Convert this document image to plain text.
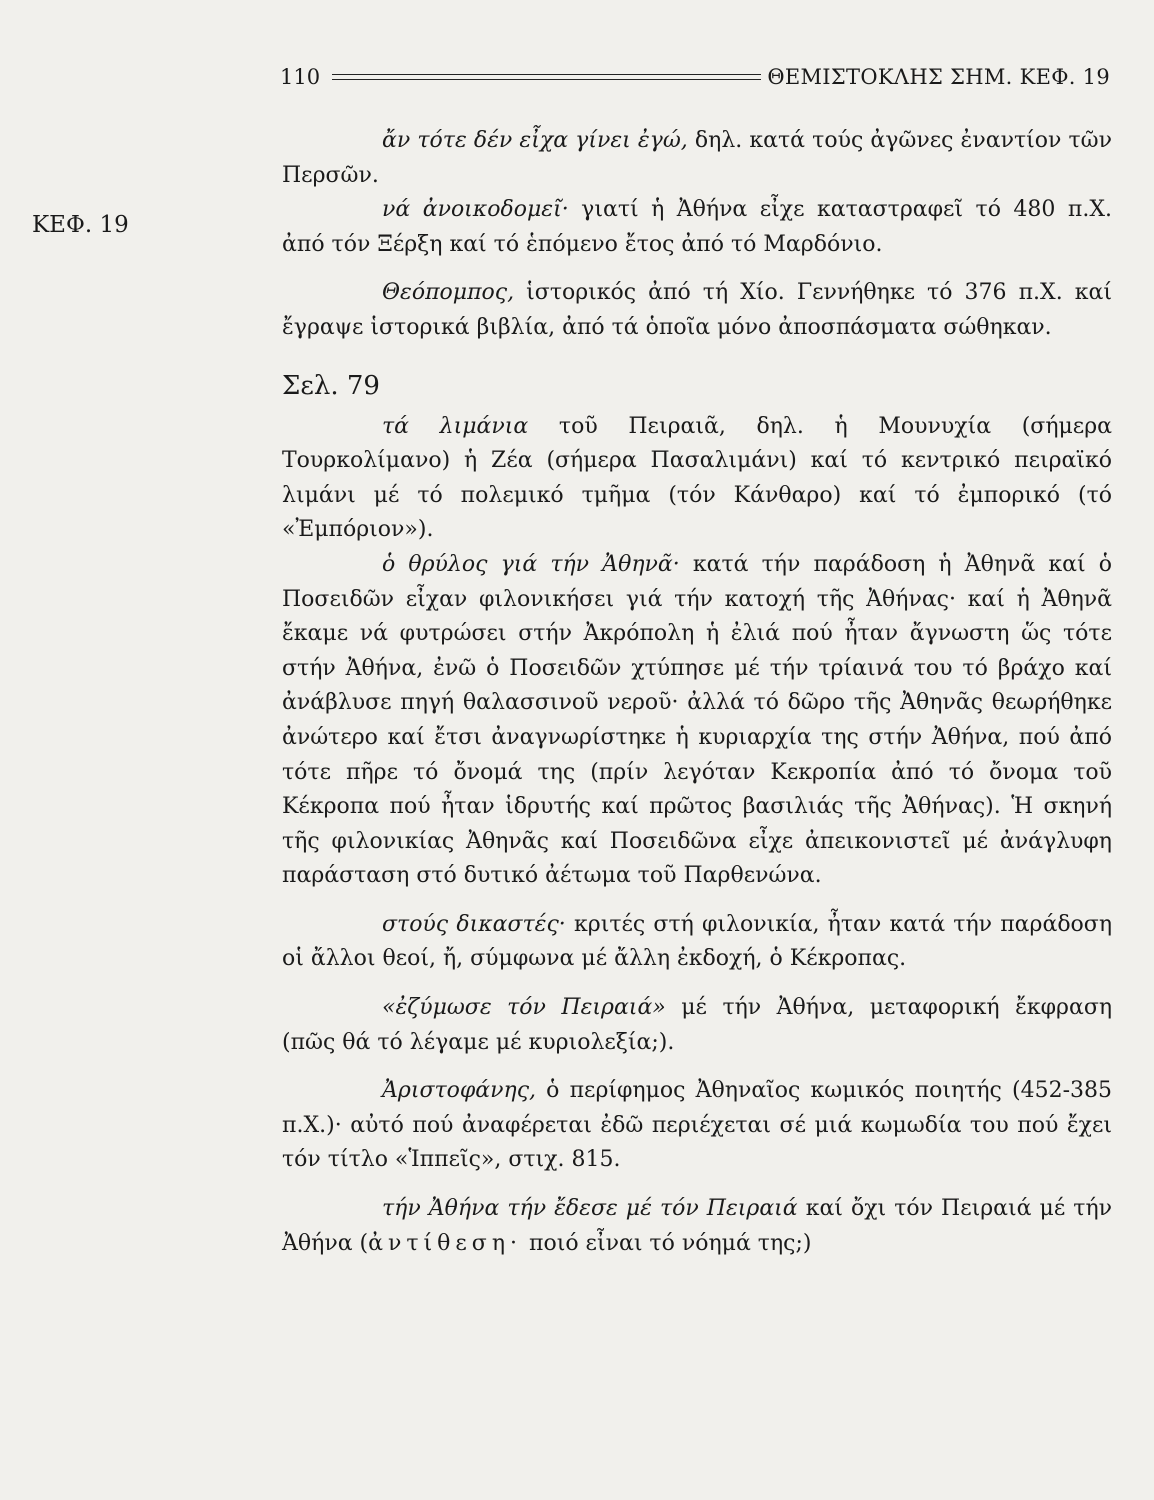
110	ΘΕΜΙΣΤΟΚΛΗΣ ΣΗΜ. ΚΕΦ. 19
ΚΕΦ. 19

ἄν τότε δέν εἶχα γίνει ἐγώ, δηλ. κατά τούς ἀγῶνες ἐναντίον τῶν Περσῶν.

νά ἀνοικοδομεῖ· γιατί ἡ Ἀθήνα εἶχε καταστραφεῖ τό 480 π.Χ. ἀπό τόν Ξέρξη καί τό ἑπόμενο ἔτος ἀπό τό Μαρδόνιο.

Θεόπομπος, ἱστορικός ἀπό τή Χίο. Γεννήθηκε τό 376 π.Χ. καί ἔγραψε ἱστορικά βιβλία, ἀπό τά ὁποῖα μόνο ἀποσπάσματα σώθηκαν.

Σελ. 79

τά λιμάνια τοῦ Πειραιᾶ, δηλ. ἡ Μουνυχία (σήμερα Τουρκολίμανο) ἡ Ζέα (σήμερα Πασαλιμάνι) καί τό κεντρικό πειραϊκό λιμάνι μέ τό πολεμικό τμῆμα (τόν Κάνθαρο) καί τό ἐμπορικό (τό «Ἐμπόριον»).

ὁ θρύλος γιά τήν Ἀθηνᾶ· κατά τήν παράδοση ἡ Ἀθηνᾶ καί ὁ Ποσειδῶν εἶχαν φιλονικήσει γιά τήν κατοχή τῆς Ἀθήνας· καί ἡ Ἀθηνᾶ ἔκαμε νά φυτρώσει στήν Ἀκρόπολη ἡ ἐλιά πού ἦταν ἄγνωστη ὥς τότε στήν Ἀθήνα, ἐνῶ ὁ Ποσειδῶν χτύπησε μέ τήν τρίαινά του τό βράχο καί ἀνάβλυσε πηγή θαλασσινοῦ νεροῦ· ἀλλά τό δῶρο τῆς Ἀθηνᾶς θεωρήθηκε ἀνώτερο καί ἔτσι ἀναγνωρίστηκε ἡ κυριαρχία της στήν Ἀθήνα, πού ἀπό τότε πῆρε τό ὄνομά της (πρίν λεγόταν Κεκροπία ἀπό τό ὄνομα τοῦ Κέκροπα πού ἦταν ἱδρυτής καί πρῶτος βασιλιάς τῆς Ἀθήνας). Ἡ σκηνή τῆς φιλονικίας Ἀθηνᾶς καί Ποσειδῶνα εἶχε ἀπεικονιστεῖ μέ ἀνάγλυφη παράσταση στό δυτικό ἀέτωμα τοῦ Παρθενώνα.

στούς δικαστές· κριτές στή φιλονικία, ἦταν κατά τήν παράδοση οἱ ἄλλοι θεοί, ἤ, σύμφωνα μέ ἄλλη ἐκδοχή, ὁ Κέκροπας.

«ἐζύμωσε τόν Πειραιά» μέ τήν Ἀθήνα, μεταφορική ἔκφραση (πῶς θά τό λέγαμε μέ κυριολεξία;).

Ἀριστοφάνης, ὁ περίφημος Ἀθηναῖος κωμικός ποιητής (452-385 π.Χ.)· αὐτό πού ἀναφέρεται ἐδῶ περιέχεται σέ μιά κωμωδία του πού ἔχει τόν τίτλο «Ἱππεῖς», στιχ. 815.

τήν Ἀθήνα τήν ἔδεσε μέ τόν Πειραιά καί ὄχι τόν Πειραιά μέ τήν Ἀθήνα (ἀντίθεση· ποιό εἶναι τό νόημά της;)
